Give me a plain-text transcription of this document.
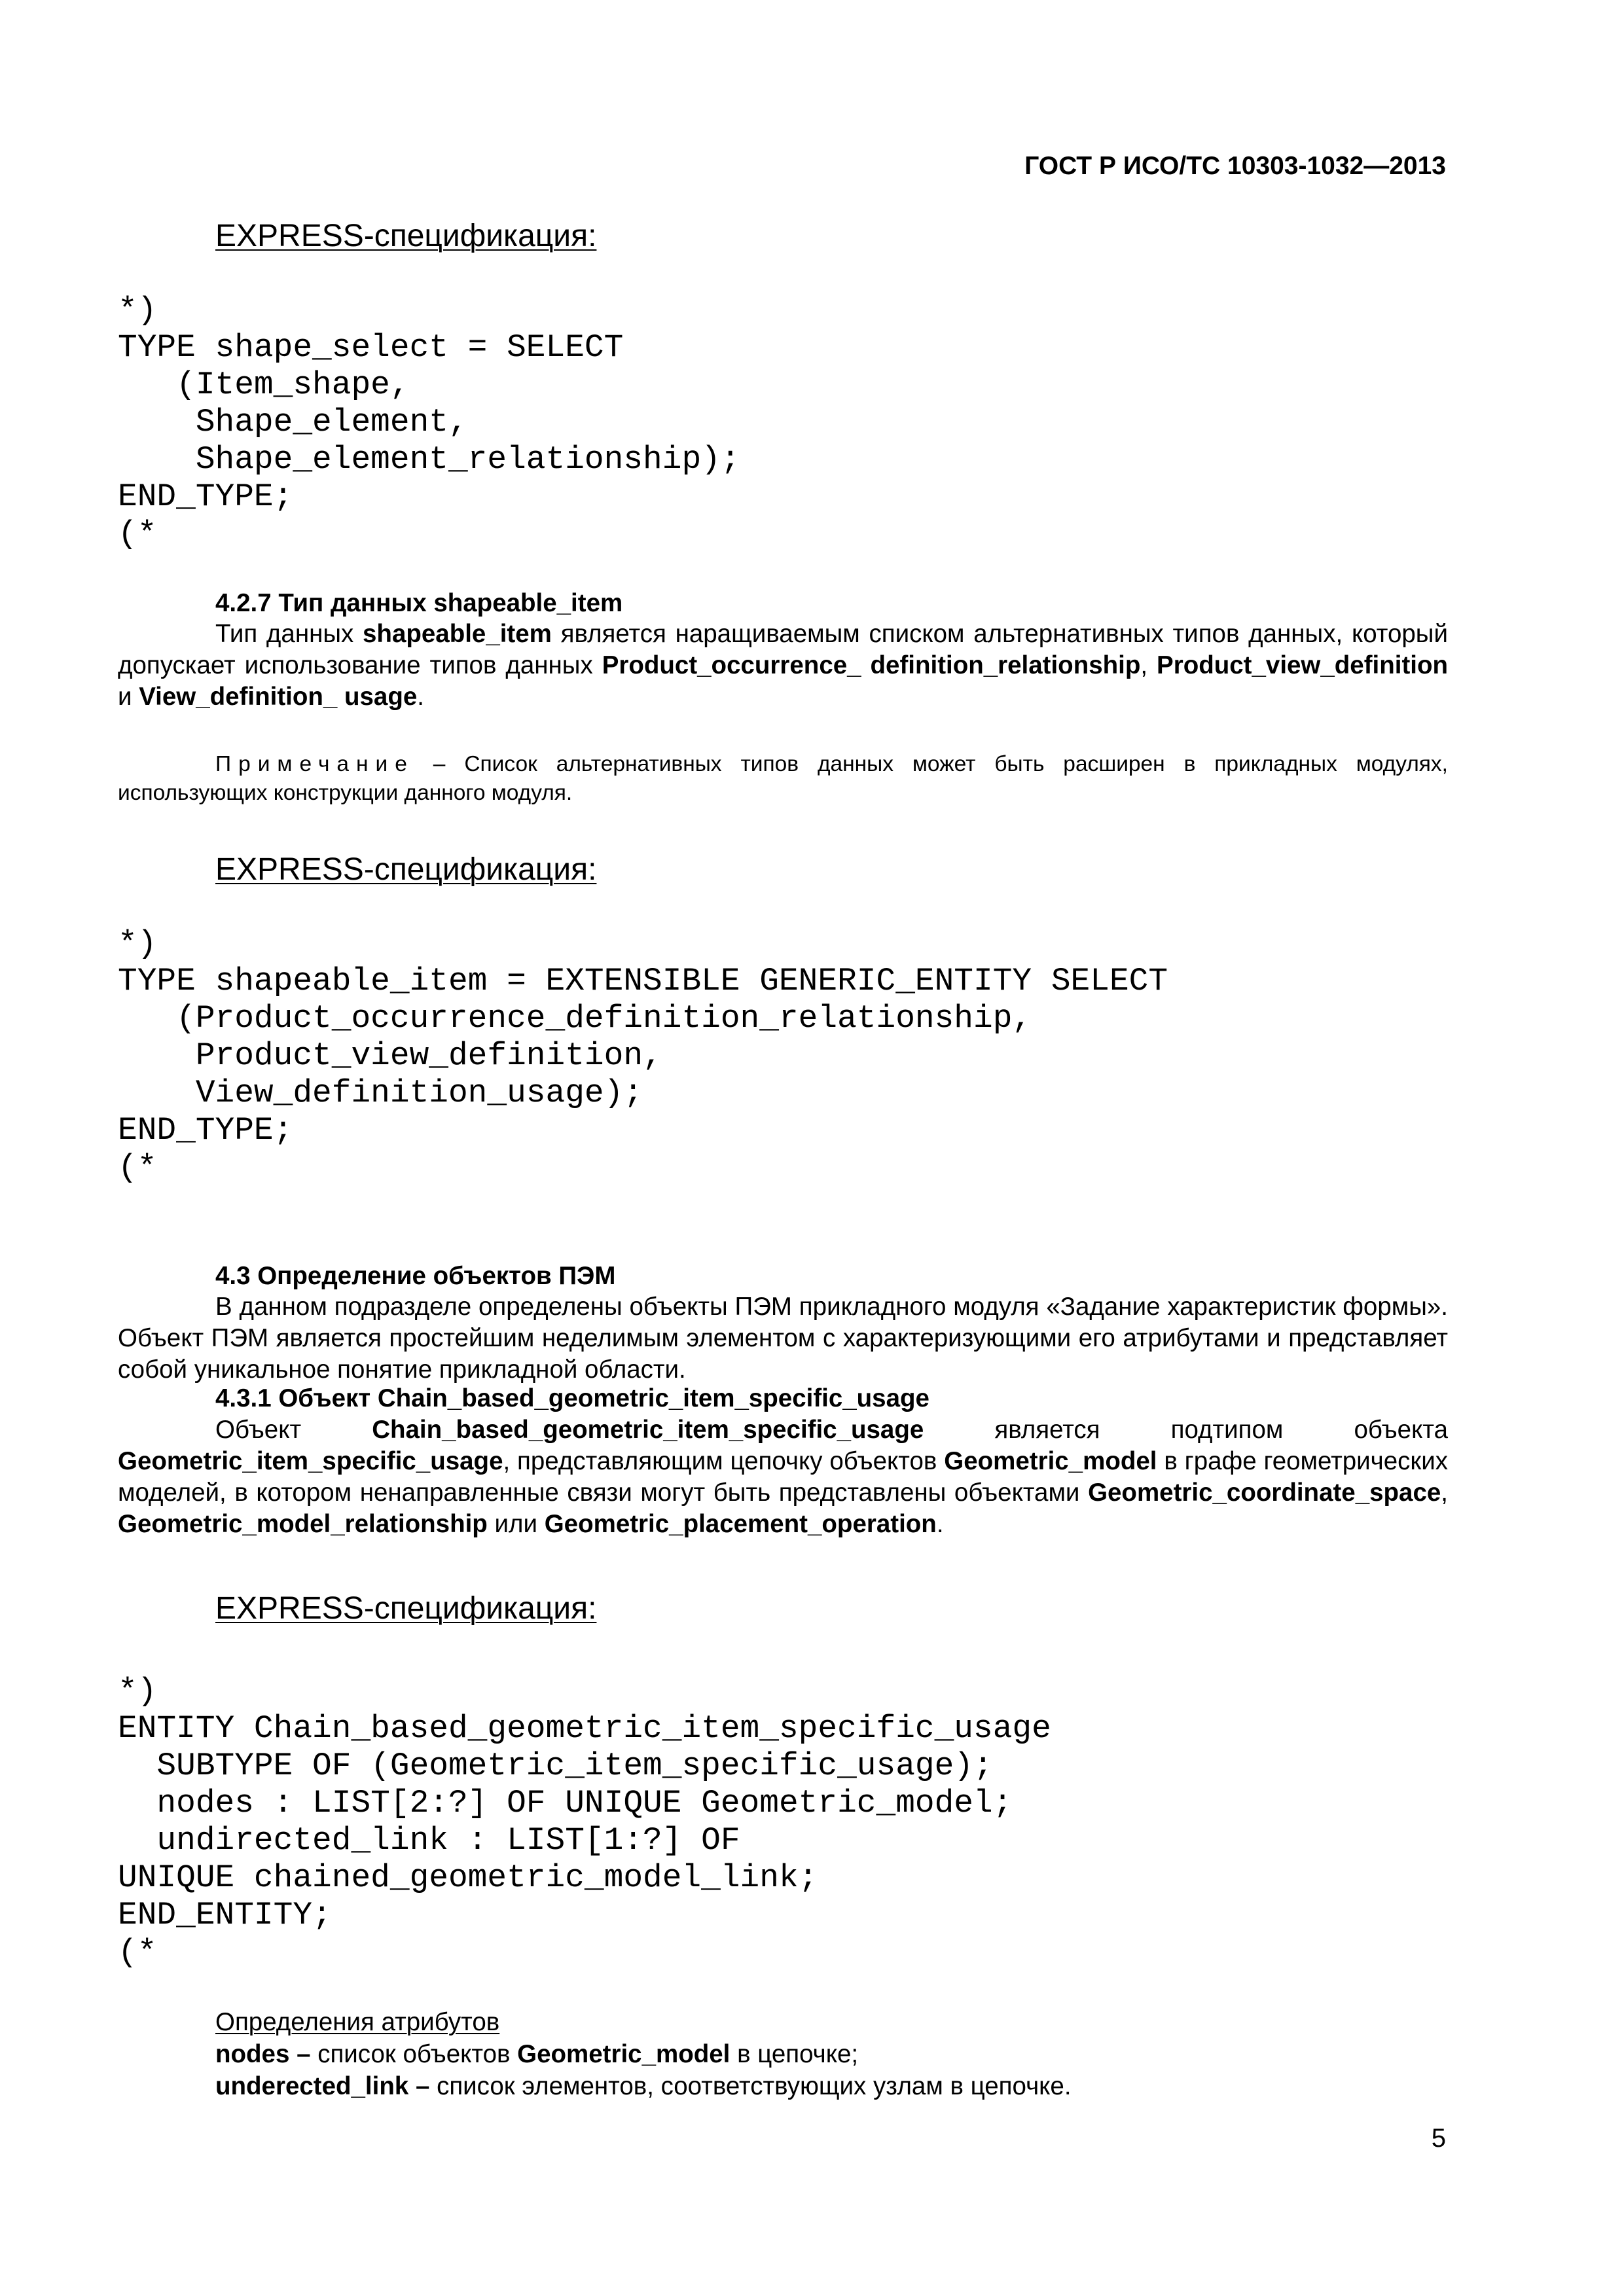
ГОСТ Р ИСО/ТС 10303-1032—2013
EXPRESS-спецификация:
*)
TYPE shape_select = SELECT
(Item_shape,
Shape_element,
Shape_element_relationship);
END_TYPE;
(*
4.2.7 Тип данных shapeable_item
Тип данных shapeable_item является наращиваемым списком альтернативных типов данных, который допускает использование типов данных Product_occurrence_ definition_relationship, Product_view_definition и View_definition_ usage.
Примечание – Список альтернативных типов данных может быть расширен в прикладных модулях, использующих конструкции данного модуля.
EXPRESS-спецификация:
*)
TYPE shapeable_item = EXTENSIBLE GENERIC_ENTITY SELECT
(Product_occurrence_definition_relationship,
Product_view_definition,
View_definition_usage);
END_TYPE;
(*
4.3 Определение объектов ПЭМ
В данном подразделе определены объекты ПЭМ прикладного модуля «Задание характеристик формы». Объект ПЭМ является простейшим неделимым элементом с характеризующими его атрибутами и представляет собой уникальное понятие прикладной области.
4.3.1 Объект Chain_based_geometric_item_specific_usage
Объект Chain_based_geometric_item_specific_usage является подтипом объекта Geometric_item_specific_usage, представляющим цепочку объектов Geometric_model в графе геометрических моделей, в котором ненаправленные связи могут быть представлены объектами Geometric_coordinate_space, Geometric_model_relationship или Geometric_placement_operation.
EXPRESS-спецификация:
*)
ENTITY Chain_based_geometric_item_specific_usage
SUBTYPE OF (Geometric_item_specific_usage);
nodes : LIST[2:?] OF UNIQUE Geometric_model;
undirected_link : LIST[1:?] OF
UNIQUE chained_geometric_model_link;
END_ENTITY;
(*
Определения атрибутов
nodes – список объектов Geometric_model в цепочке;
underected_link – список элементов, соответствующих узлам в цепочке.
5
